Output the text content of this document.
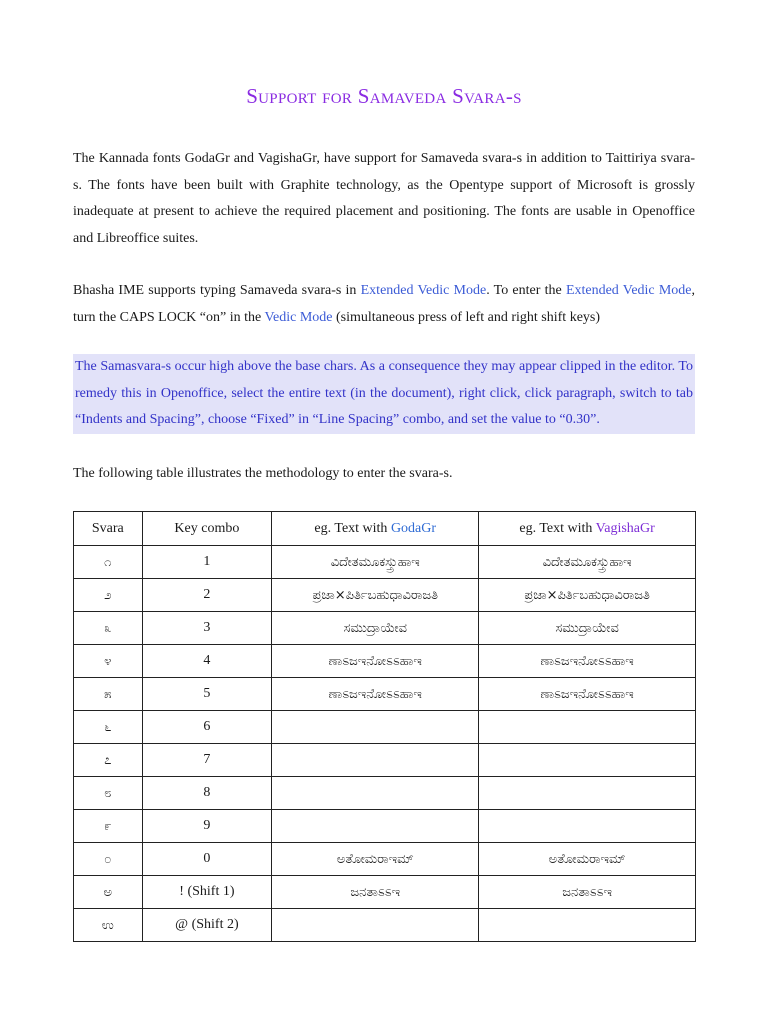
Support for Samaveda Svara-s
The Kannada fonts GodaGr and VagishaGr, have support for Samaveda svara-s in addition to Taittiriya svara-s. The fonts have been built with Graphite technology, as the Opentype support of Microsoft is grossly inadequate at present to achieve the required placement and positioning. The fonts are usable in Openoffice and Libreoffice suites.
Bhasha IME supports typing Samaveda svara-s in Extended Vedic Mode. To enter the Extended Vedic Mode, turn the CAPS LOCK “on” in the Vedic Mode (simultaneous press of left and right shift keys)
The Samasvara-s occur high above the base chars. As a consequence they may appear clipped in the editor. To remedy this in Openoffice, select the entire text (in the document), right click, click paragraph, switch to tab “Indents and Spacing”, choose “Fixed” in “Line Spacing” combo, and set the value to “0.30”.
The following table illustrates the methodology to enter the svara-s.
Svara	Key combo	eg. Text with GodaGr	eg. Text with VagishaGr
೧	1	ವಿದೇತಮೂಕಸ್ತ್ರುಹಾಇ	ವಿದೇತಮೂಕಸ್ತ್ರುಹಾಇ
೨	2	ಪ್ರಜಾ×ಪಿರ್ತಿಬಹುಧಾವಿರಾಜತಿ	ಪ್ರಜಾ×ಪಿರ್ತಿಬಹುಧಾವಿರಾಜತಿ
೩	3	ಸಮುದ್ರಾಯೇವ	ಸಮುದ್ರಾಯೇವ
೪	4	ಣಾಽಜಇನೋಽಽಹಾಇ	ಣಾಽಜಇನೋಽಽಹಾಇ
೫	5	ಣಾಽಜಇನೋಽಽಹಾಇ	ಣಾಽಜಇನೋಽಽಹಾಇ
೬	6		
೭	7		
೮	8		
೯	9		
೦	0	ಅತೋಮರಾಇಮ್	ಅತೋಮರಾಇಮ್
ಅ	! (Shift 1)	ಜನತಾಽಽಇ	ಜನತಾಽಽಇ
ಉ	@ (Shift 2)		
